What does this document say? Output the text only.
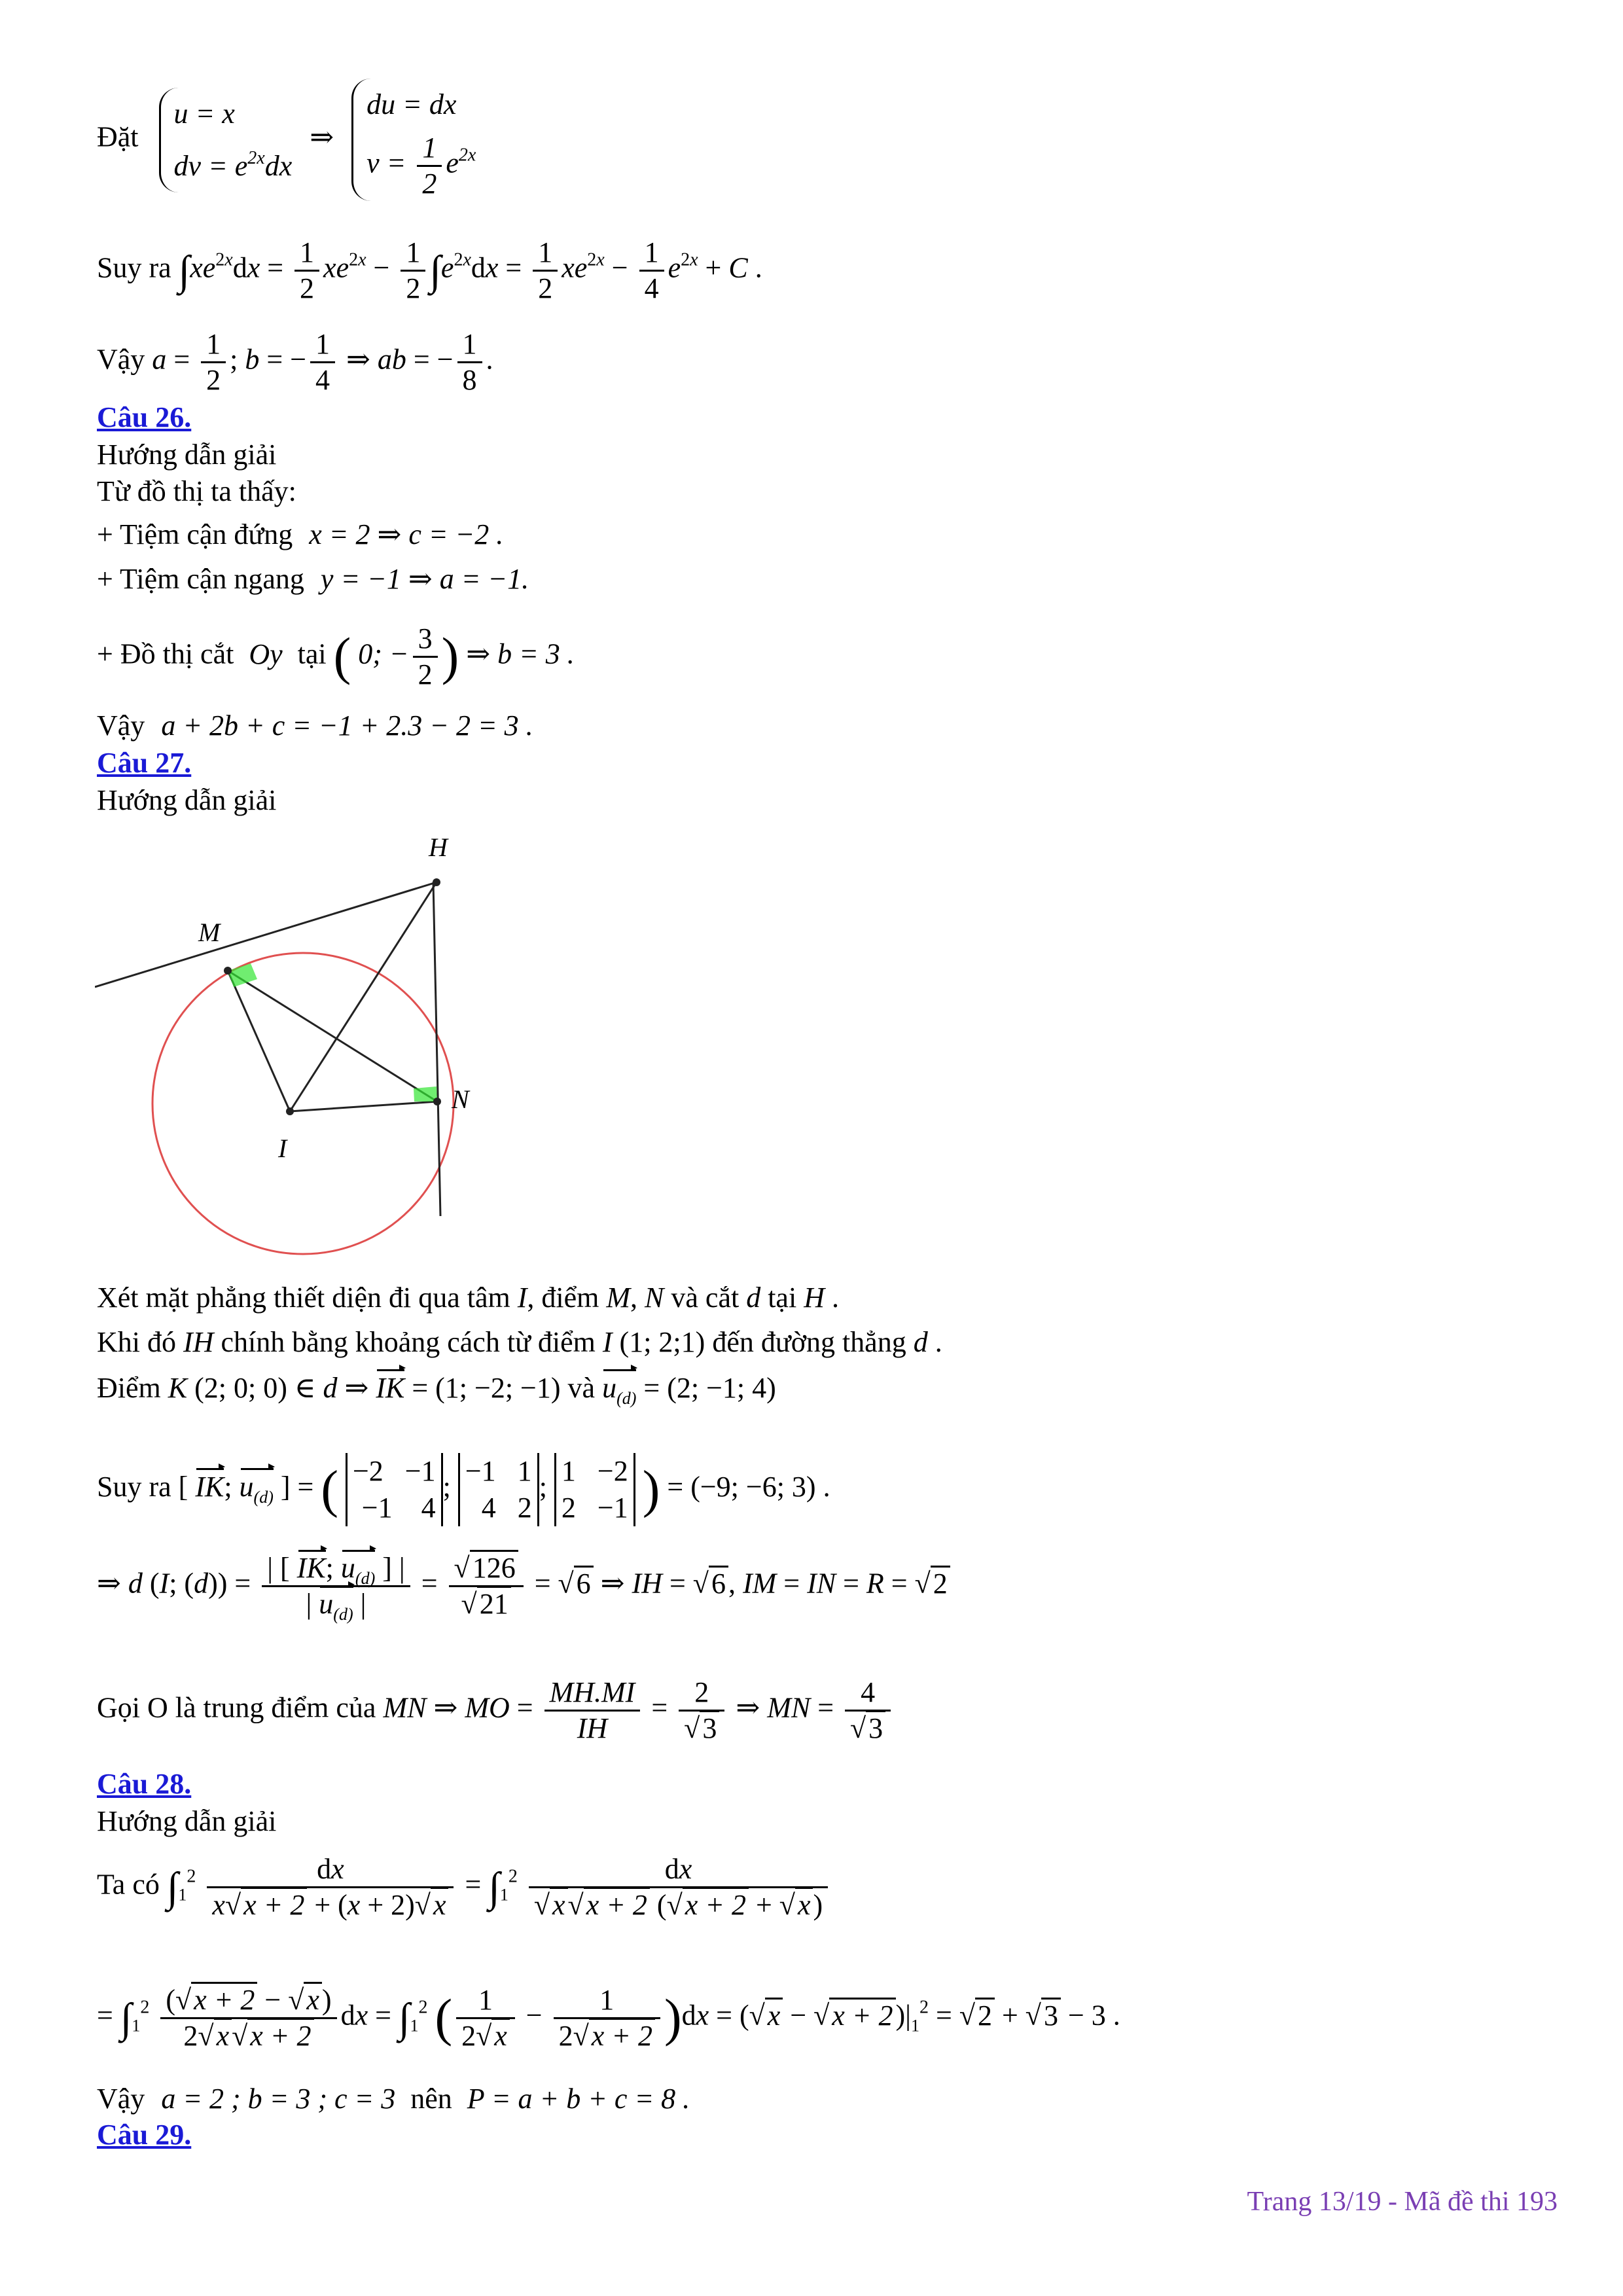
Đặt
u = x
dv = $e^{2x}dx$
⇒
du = dx
$v = \frac{1}{2} e^{2x}$
Suy ra $\int xe^{2x}dx = \frac{1}{2} xe^{2x} - \frac{1}{2} \int e^{2x}dx = \frac{1}{2} xe^{2x} - \frac{1}{4} e^{2x} + C$ .
Vậy $a = \frac{1}{2}$ ; b = − $\frac{1}{4}$ ⇒ ab = − $\frac{1}{8}$ .
Câu 26.
Hướng dẫn giải
Từ đồ thị ta thấy:
+ Tiệm cận đứng x = 2 ⇒ c = −2 .
+ Tiệm cận ngang y = −1 ⇒ a = −1.
+ Đồ thị cắt Oy tại ( 0; − $\frac{3}{2}$ ) ⇒ b = 3 .
Vậy a + 2b + c = −1 + 2.3 − 2 = 3 .
Câu 27.
Hướng dẫn giải
H
M
N
I
Xét mặt phẳng thiết diện đi qua tâm I, điểm M, N và cắt d tại H .
Khi đó IH chính bằng khoảng cách từ điểm I (1; 2;1) đến đường thẳng d .
Điểm K (2; 0; 0) ∈ d ⇒ IK = (1; −2; −1) và $u_{(d)} = (2$; −1; 4)
Suy ra [ IK; $u_{(d)}$ ] = ( −2   −1
−1    4
; −1   1
4   2
; 1   −2
2   −1 ) = (−9; −6; 3) .
⇒ d (I; $(d)) = \frac{| [ IK; u_{(d)} ] |}{| u_{(d)} |} = \frac{√126}{√21} = √6$ ⇒ IH = √6, IM = IN = R = √2
Gọi O là trung điểm của MN ⇒ MO = $\frac{MH.MI}{IH} = \frac{2}{√3}$ ⇒ MN = $\frac{4}{√3}$
Câu 28.
Hướng dẫn giải
Ta có $\int_1^2 \frac{dx}{x√x + 2 + (x + 2)√x} = \int_1^2 \frac{dx}{√x√x + 2 (√x + 2 + √x)}$
= $\int_1^2 \frac{(√x + 2 - √x)}{2√x√x + 2}$ dx = $\int_1^2$ ( $\frac{1}{2√x} - \frac{1}{2√x + 2} )dx = (√x - √x + 2)|_1^2 = √2 + √3 - 3$ .
Vậy a = 2 ; b = 3 ; c = 3 nên P = a + b + c = 8 .
Câu 29.
Trang 13/19 - Mã đề thi 193
